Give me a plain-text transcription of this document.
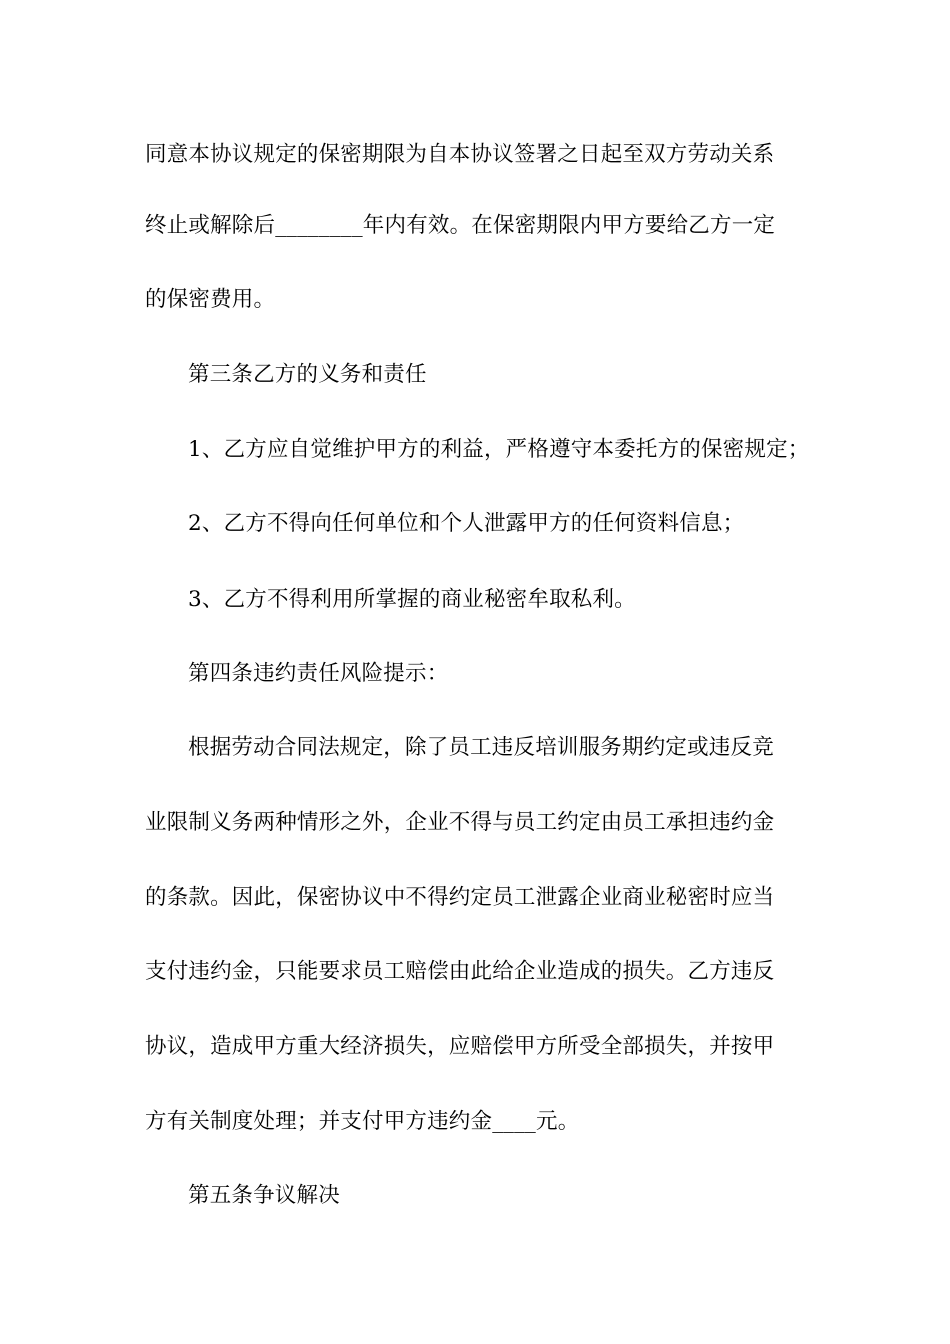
同意本协议规定的保密期限为自本协议签署之日起至双方劳动关系
终止或解除后________年内有效。在保密期限内甲方要给乙方一定
的保密费用。
第三条乙方的义务和责任
1、乙方应自觉维护甲方的利益，严格遵守本委托方的保密规定；
2、乙方不得向任何单位和个人泄露甲方的任何资料信息；
3、乙方不得利用所掌握的商业秘密牟取私利。
第四条违约责任风险提示：
根据劳动合同法规定，除了员工违反培训服务期约定或违反竞
业限制义务两种情形之外，企业不得与员工约定由员工承担违约金
的条款。因此，保密协议中不得约定员工泄露企业商业秘密时应当
支付违约金，只能要求员工赔偿由此给企业造成的损失。乙方违反
协议，造成甲方重大经济损失，应赔偿甲方所受全部损失，并按甲
方有关制度处理；并支付甲方违约金____元。
第五条争议解决
